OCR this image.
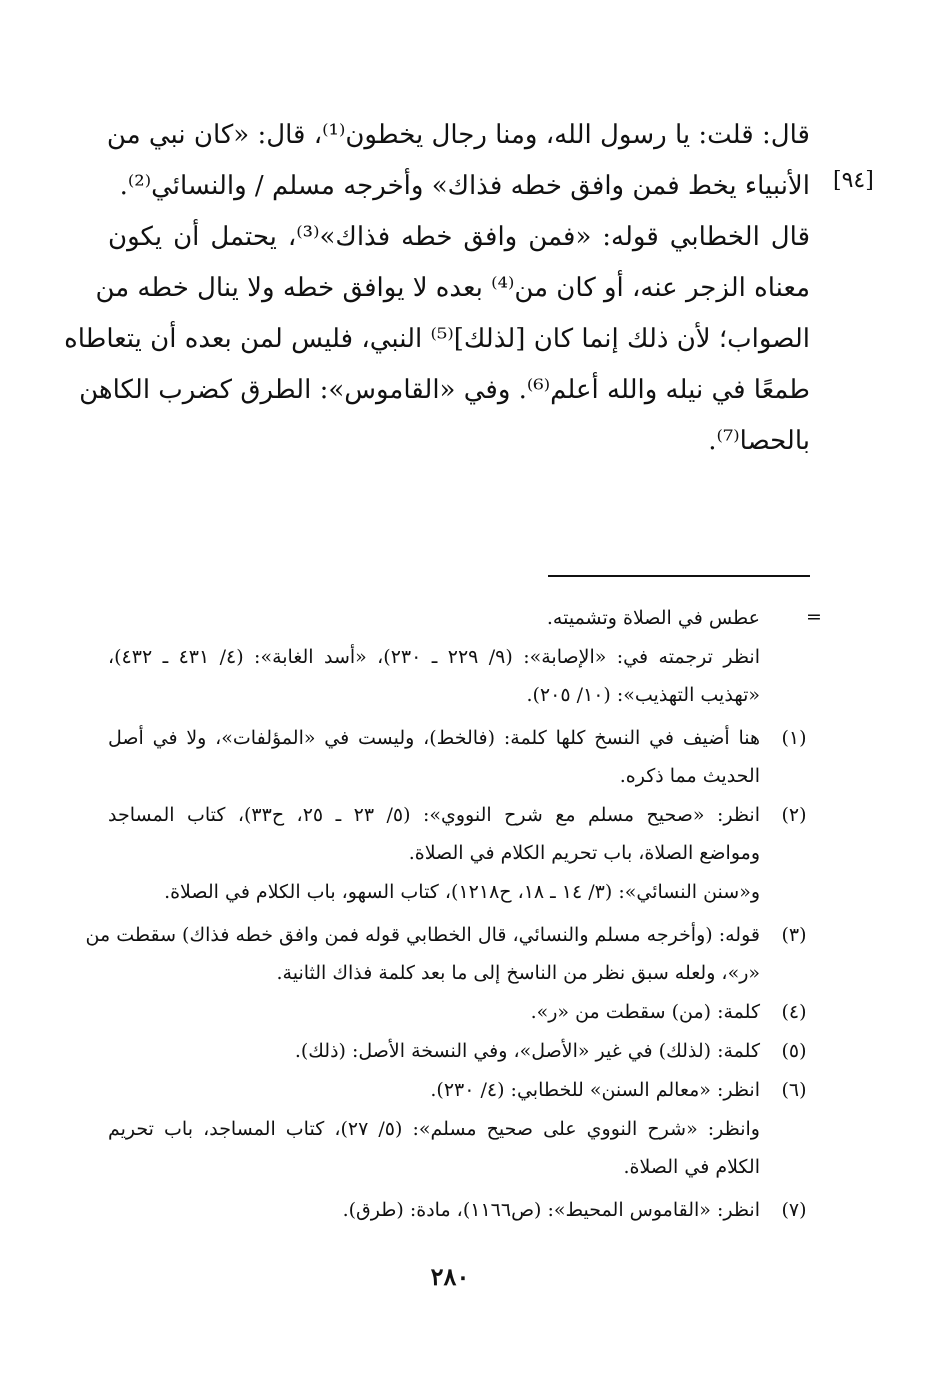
قال: قلت: يا رسول الله، ومنا رجال يخطون⁽¹⁾، قال: «كان نبي من
الأنبياء يخط فمن وافق خطه فذاك» وأخرجه مسلم / والنسائي⁽²⁾.
قال الخطابي قوله: «فمن وافق خطه فذاك»⁽³⁾، يحتمل أن يكون
معناه الزجر عنه، أو كان من⁽⁴⁾ بعده لا يوافق خطه ولا ينال خطه من
الصواب؛ لأن ذلك إنما كان [لذلك]⁽⁵⁾ النبي، فليس لمن بعده أن يتعاطاه
طمعًا في نيله والله أعلم⁽⁶⁾. وفي «القاموس»: الطرق كضرب الكاهن
بالحصا⁽⁷⁾.
[٩٤]
=
عطس في الصلاة وتشميته.
انظر ترجمته في: «الإصابة»: (٩/ ٢٢٩ ـ ٢٣٠)، «أسد الغابة»: (٤/ ٤٣١ ـ ٤٣٢)،
«تهذيب التهذيب»: (١٠/ ٢٠٥).
(١)
هنا أضيف في النسخ كلها كلمة: (فالخط)، وليست في «المؤلفات»، ولا في أصل
الحديث مما ذكره.
(٢)
انظر: «صحيح مسلم مع شرح النووي»: (٥/ ٢٣ ـ ٢٥، ح٣٣)، كتاب المساجد
ومواضع الصلاة، باب تحريم الكلام في الصلاة.
و«سنن النسائي»: (٣/ ١٤ ـ ١٨، ح١٢١٨)، كتاب السهو، باب الكلام في الصلاة.
(٣)
قوله: (وأخرجه مسلم والنسائي، قال الخطابي قوله فمن وافق خطه فذاك) سقطت من
«ر»، ولعله سبق نظر من الناسخ إلى ما بعد كلمة فذاك الثانية.
(٤)
كلمة: (من) سقطت من «ر».
(٥)
كلمة: (لذلك) في غير «الأصل»، وفي النسخة الأصل: (ذلك).
(٦)
انظر: «معالم السنن» للخطابي: (٤/ ٢٣٠).
وانظر: «شرح النووي على صحيح مسلم»: (٥/ ٢٧)، كتاب المساجد، باب تحريم
الكلام في الصلاة.
(٧)
انظر: «القاموس المحيط»: (ص١١٦٦)، مادة: (طرق).
٢٨٠
